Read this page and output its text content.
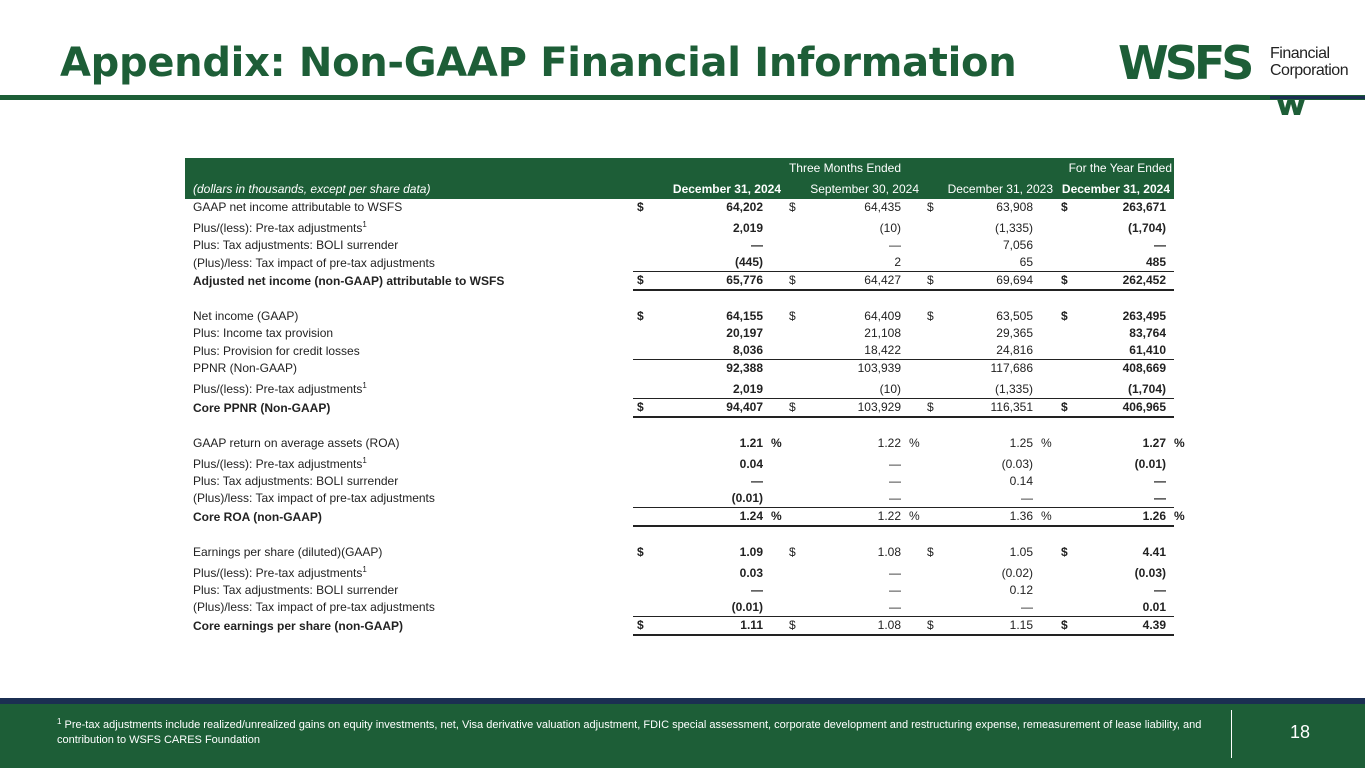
Appendix: Non-GAAP Financial Information WSFS Financial
Corporation
	Three Months Ended									For the Year Ended		
(dollars in thousands, except per share data)	December 31, 2024			September 30, 2024			December 31, 2023			December 31, 2024		
GAAP net income attributable to WSFS	$	64,202		$	64,435		$	63,908		$	263,671	
Plus/(less): Pre-tax adjustments$^1$		2,019			(10)			(1,335)			(1,704)	
Plus: Tax adjustments: BOLI surrender		—			—			7,056			—	
(Plus)/less: Tax impact of pre-tax adjustments		(445)			2			65			485	
Adjusted net income (non-GAAP) attributable to WSFS	$	65,776		$	64,427		$	69,694		$	262,452	

Net income (GAAP)	$	64,155		$	64,409		$	63,505		$	263,495	
Plus: Income tax provision		20,197			21,108			29,365			83,764	
Plus: Provision for credit losses		8,036			18,422			24,816			61,410	
PPNR (Non-GAAP)		92,388			103,939			117,686			408,669	
Plus/(less): Pre-tax adjustments$^1$		2,019			(10)			(1,335)			(1,704)	
Core PPNR (Non-GAAP)	$	94,407		$	103,929		$	116,351		$	406,965	

GAAP return on average assets (ROA)		1.21	%		1.22	%		1.25	%		1.27	%
Plus/(less): Pre-tax adjustments$^1$		0.04			—			(0.03)			(0.01)	
Plus: Tax adjustments: BOLI surrender		—			—			0.14			—	
(Plus)/less: Tax impact of pre-tax adjustments		(0.01)			—			—			—	
Core ROA (non-GAAP)		1.24	%		1.22	%		1.36	%		1.26	%

Earnings per share (diluted)(GAAP)	$	1.09		$	1.08		$	1.05		$	4.41	
Plus/(less): Pre-tax adjustments$^1$		0.03			—			(0.02)			(0.03)	
Plus: Tax adjustments: BOLI surrender		—			—			0.12			—	
(Plus)/less: Tax impact of pre-tax adjustments		(0.01)			—			—			0.01	
Core earnings per share (non-GAAP)	$	1.11		$	1.08		$	1.15		$	4.39	
$^1$ Pre-tax adjustments include realized/unrealized gains on equity investments, net, Visa derivative valuation adjustment, FDIC special assessment, corporate development and restructuring expense, remeasurement of lease liability, and contribution to WSFS CARES Foundation	18
